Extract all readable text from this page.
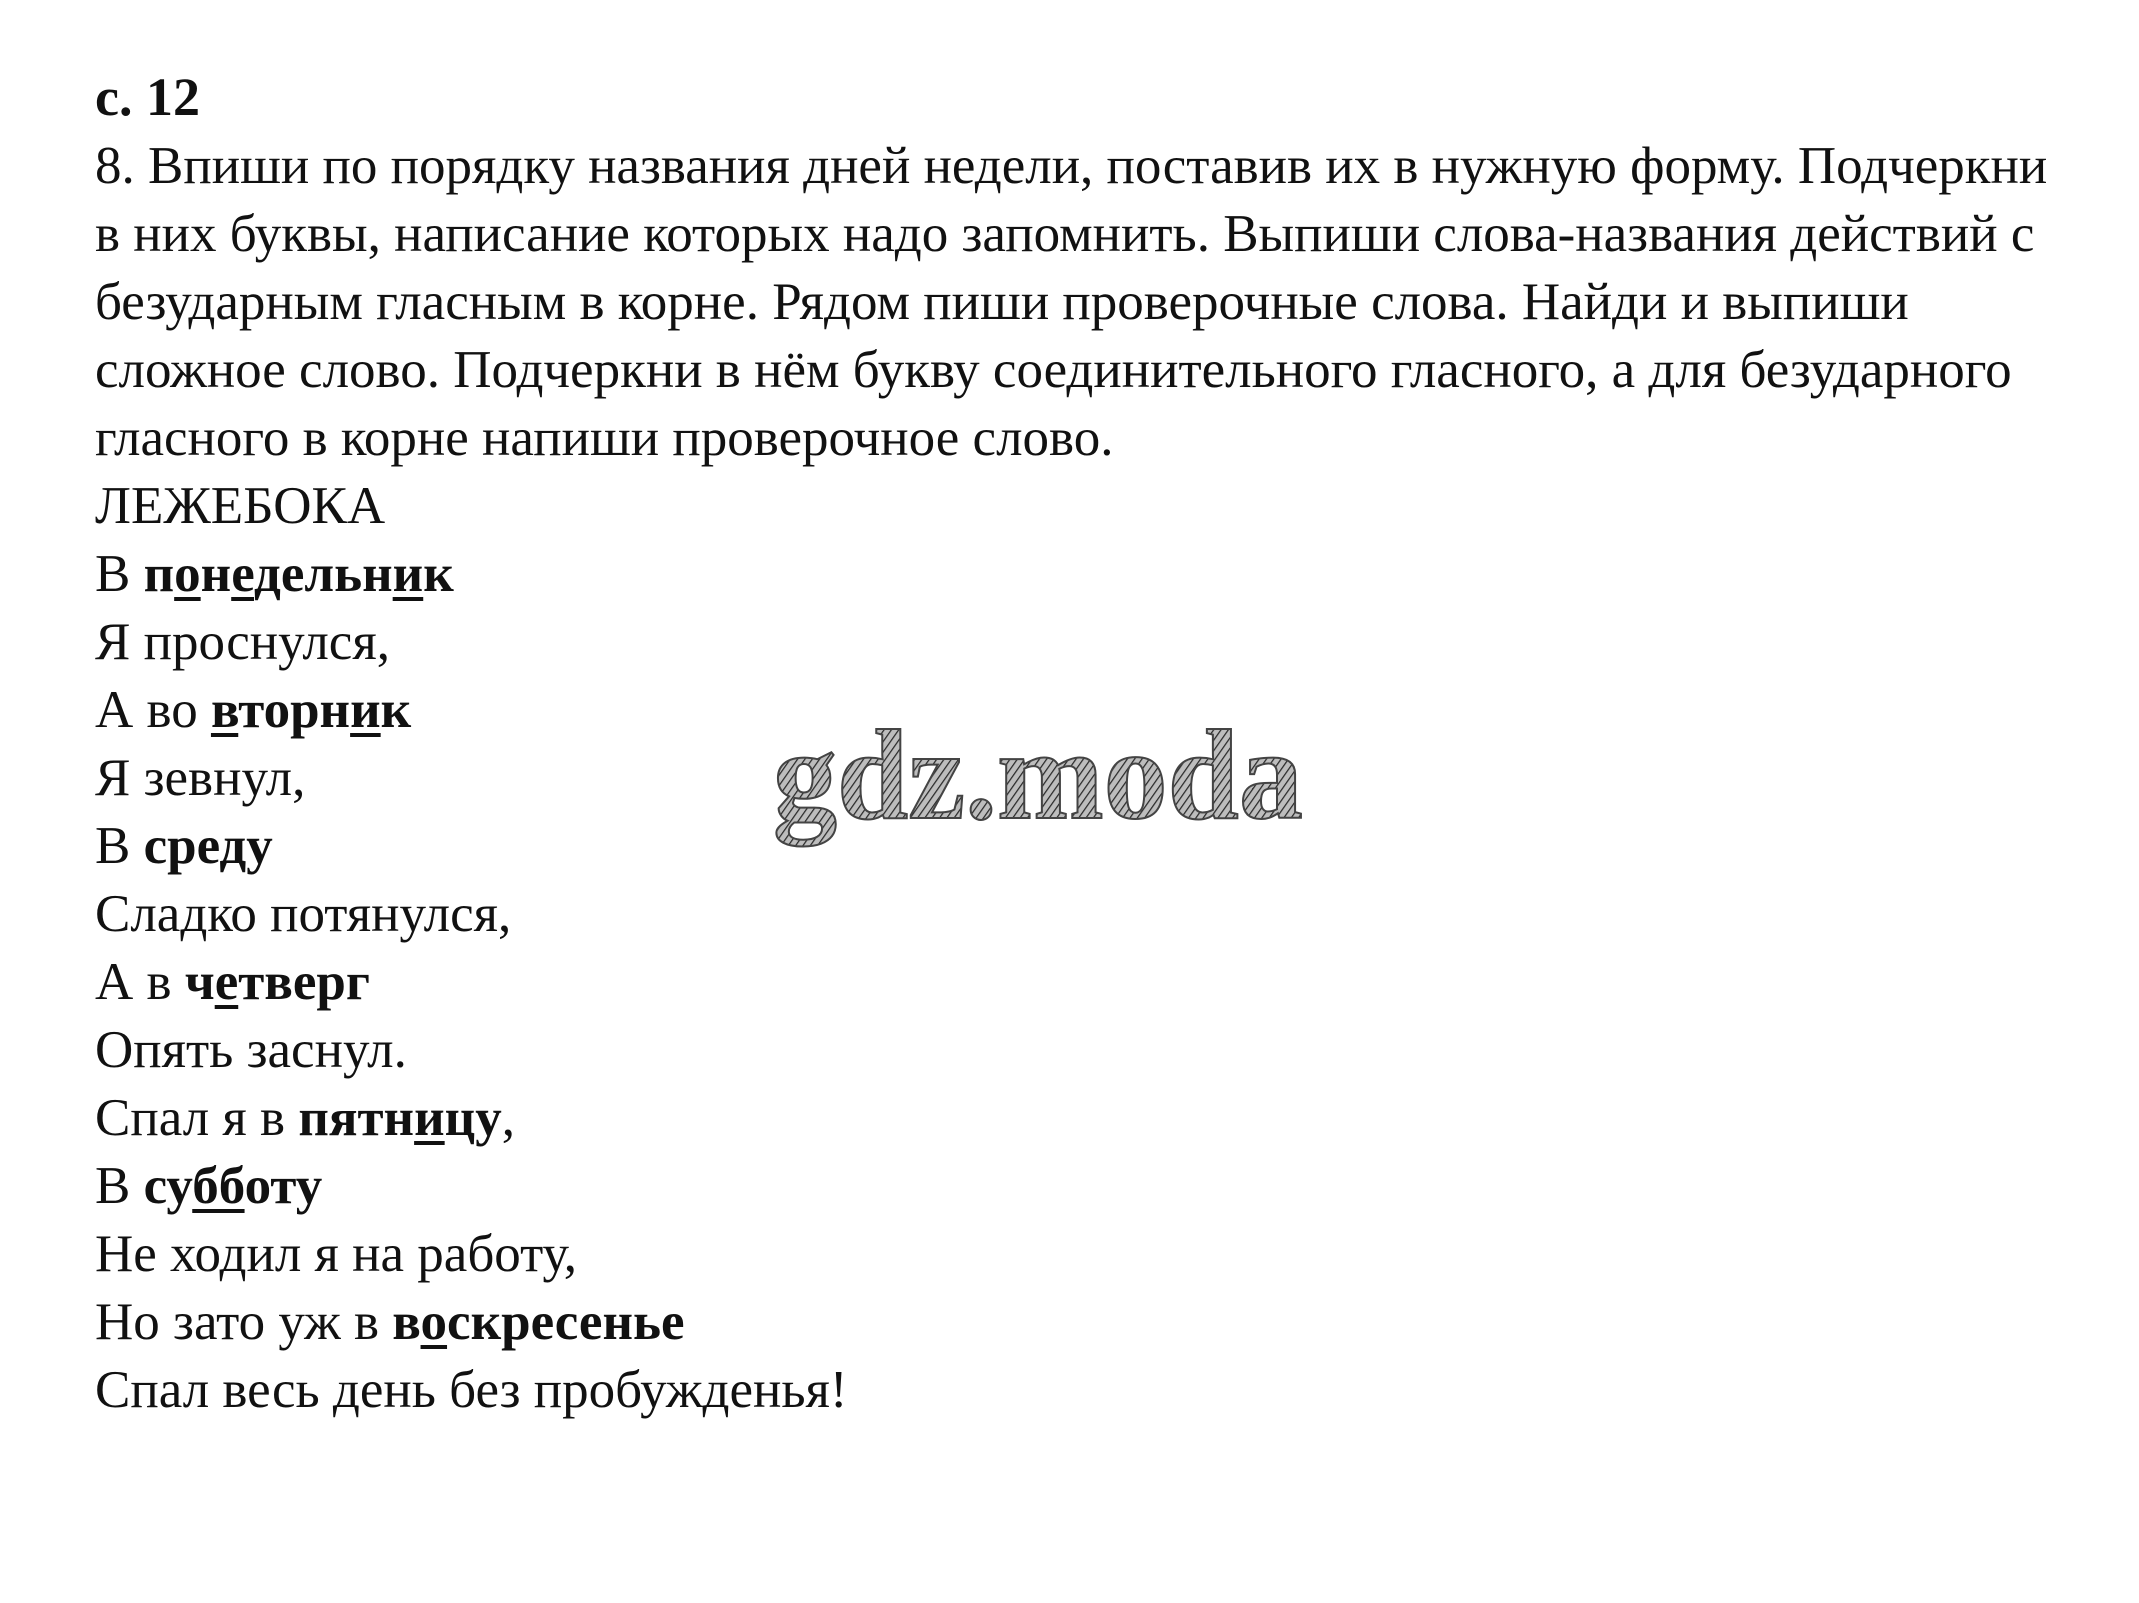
с. 12

8. Впиши по порядку названия дней недели, поставив их в нужную форму. Подчеркни в них буквы, написание которых надо запомнить. Выпиши слова-названия действий с безударным гласным в корне. Рядом пиши проверочные слова. Найди и выпиши сложное слово. Подчеркни в нём букву соединительного гласного, а для безударного гласного в корне напиши проверочное слово.

ЛЕЖЕБОКА
В понедельник
Я проснулся,
А во вторник
Я зевнул,
В среду
Сладко потянулся,
А в четверг
Опять заснул.
Спал я в пятницу,
В субботу
Не ходил я на работу,
Но зато уж в воскресенье
Спал весь день без пробужденья!
gdz.moda
